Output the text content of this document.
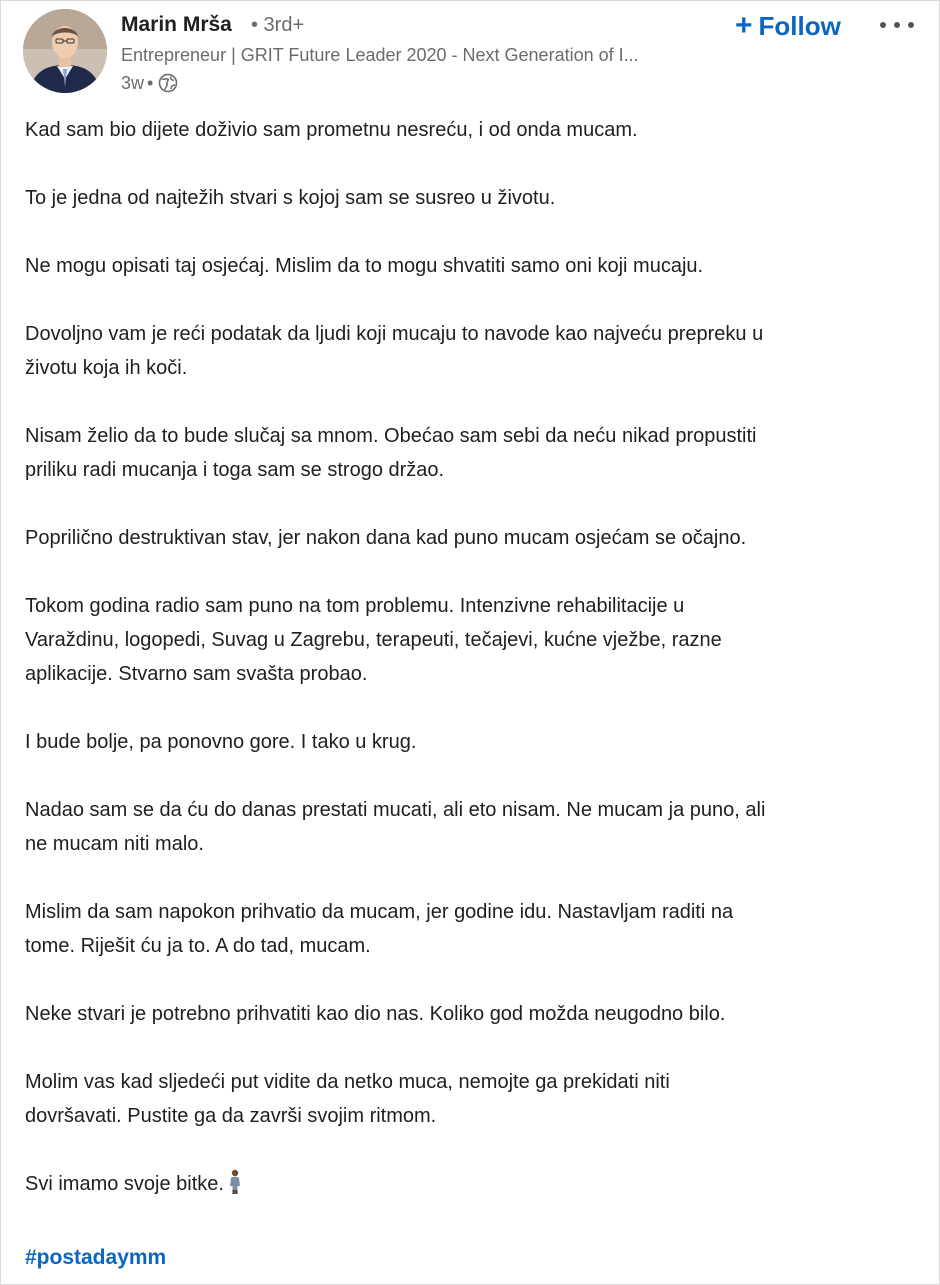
Marin Mrša • 3rd+
Entrepreneur | GRIT Future Leader 2020 - Next Generation of I...
3w •
+ Follow

Kad sam bio dijete doživio sam prometnu nesreću, i od onda mucam.

To je jedna od najtežih stvari s kojoj sam se susreo u životu.

Ne mogu opisati taj osjećaj. Mislim da to mogu shvatiti samo oni koji mucaju.

Dovoljno vam je reći podatak da ljudi koji mucaju to navode kao najveću prepreku u
životu koja ih koči.

Nisam želio da to bude slučaj sa mnom. Obećao sam sebi da neću nikad propustiti
priliku radi mucanja i toga sam se strogo držao.

Poprilično destruktivan stav, jer nakon dana kad puno mucam osjećam se očajno.

Tokom godina radio sam puno na tom problemu. Intenzivne rehabilitacije u
Varaždinu, logopedi, Suvag u Zagrebu, terapeuti, tečajevi, kućne vježbe, razne
aplikacije. Stvarno sam svašta probao.

I bude bolje, pa ponovno gore. I tako u krug.

Nadao sam se da ću do danas prestati mucati, ali eto nisam. Ne mucam ja puno, ali
ne mucam niti malo.

Mislim da sam napokon prihvatio da mucam, jer godine idu. Nastavljam raditi na
tome. Riješit ću ja to. A do tad, mucam.

Neke stvari je potrebno prihvatiti kao dio nas. Koliko god možda neugodno bilo.

Molim vas kad sljedeći put vidite da netko muca, nemojte ga prekidati niti
dovršavati. Pustite ga da završi svojim ritmom.

Svi imamo svoje bitke.

#postadaymm
